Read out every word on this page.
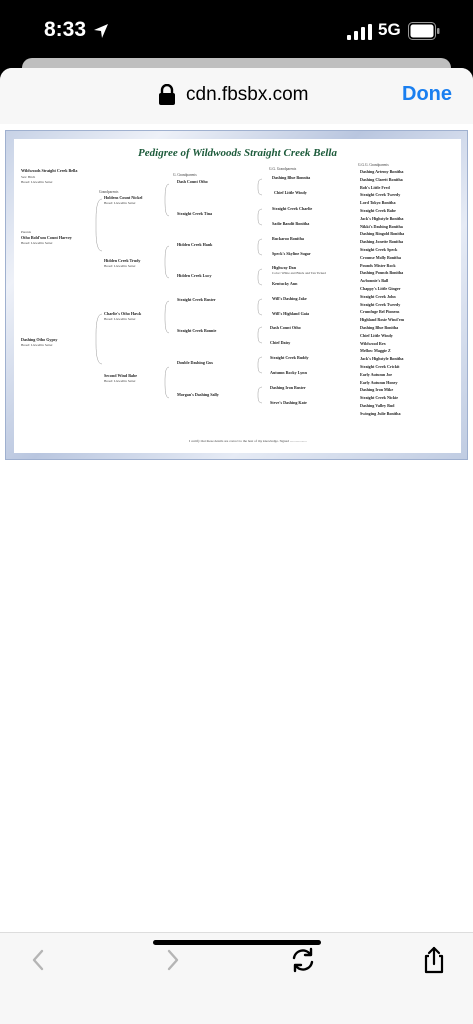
8:33	5G
cdn.fbsbx.com	Done
Pedigree of Wildwoods Straight Creek Bella
Wildwoods Straight Creek Bella
Sex: Bitch
Breed: Llewellin Setter
Parents
Otho Bold'um Count Harvey
Breed: Llewellin Setter
Dashing Otho Gypsy
Breed: Llewellin Setter
Grandparents
Holdens Count Nickel
Breed: Llewellin Setter
Hidden Creek Trudy
Breed: Llewellin Setter
Charlie's Otho Hawk
Breed: Llewellin Setter
Second Wind Babe
Breed: Llewellin Setter
G. Grandparents
Dash Count Otho
Straight Creek Tina
Hidden Creek Hank
Hidden Creek Lucy
Straight Creek Buster
Straight Creek Bonnie
Double Dashing Gus
Morgan's Dashing Sally
G.G. Grandparents
Dashing Blue Bonnita
Chief Little Windy
Straight Creek Charlie
Sadie Bandit Bonitha
Buckaroo Bonitha
Speck's Skyline Sugar
Highway Dan
Color: White and Black and Tan Ticked
Kentucky Ann
Will's Dashing Jake
Will's Highland Gaia
Dash Count Otho
Chief Daisy
Straight Creek Buddy
Autumn Rocky Lynn
Dashing Iron Buster
Steve's Dashing Kate
G.G.G. Grandparents
Dashing Artemy Bonitha
Dashing Clarett Bonitha
Bob's Little Fred
Straight Creek Tweedy
Lord Tokyo Bonitha
Straight Creek Babe
Jack's Highstyle Bonitha
Nikki's Dashing Bonitha
Dashing Ringold Bonitha
Dashing Jonette Bonitha
Straight Creek Speck
Crounse Molly Bonitha
Pounds Mister Rock
Dashing Pounds Bonitha
Awbonnie's Ball
Chappy's Little Ginger
Straight Creek John
Straight Creek Tweedy
Crumfuge Bel Pionens
Highland Rosie Wind'em
Dashing Blue Bonitha
Chief Little Windy
Wildwood Rex
Mellow Maggie Z
Jack's Highstyle Bonitha
Straight Creek Crickit
Early Autumn Joe
Early Autumn Honey
Dashing Iron Mike
Straight Creek Nickie
Dashing Valley Bud
Swinging Julie Bonitha
I certify that these details are correct to the best of my knowledge. Signed ....................
